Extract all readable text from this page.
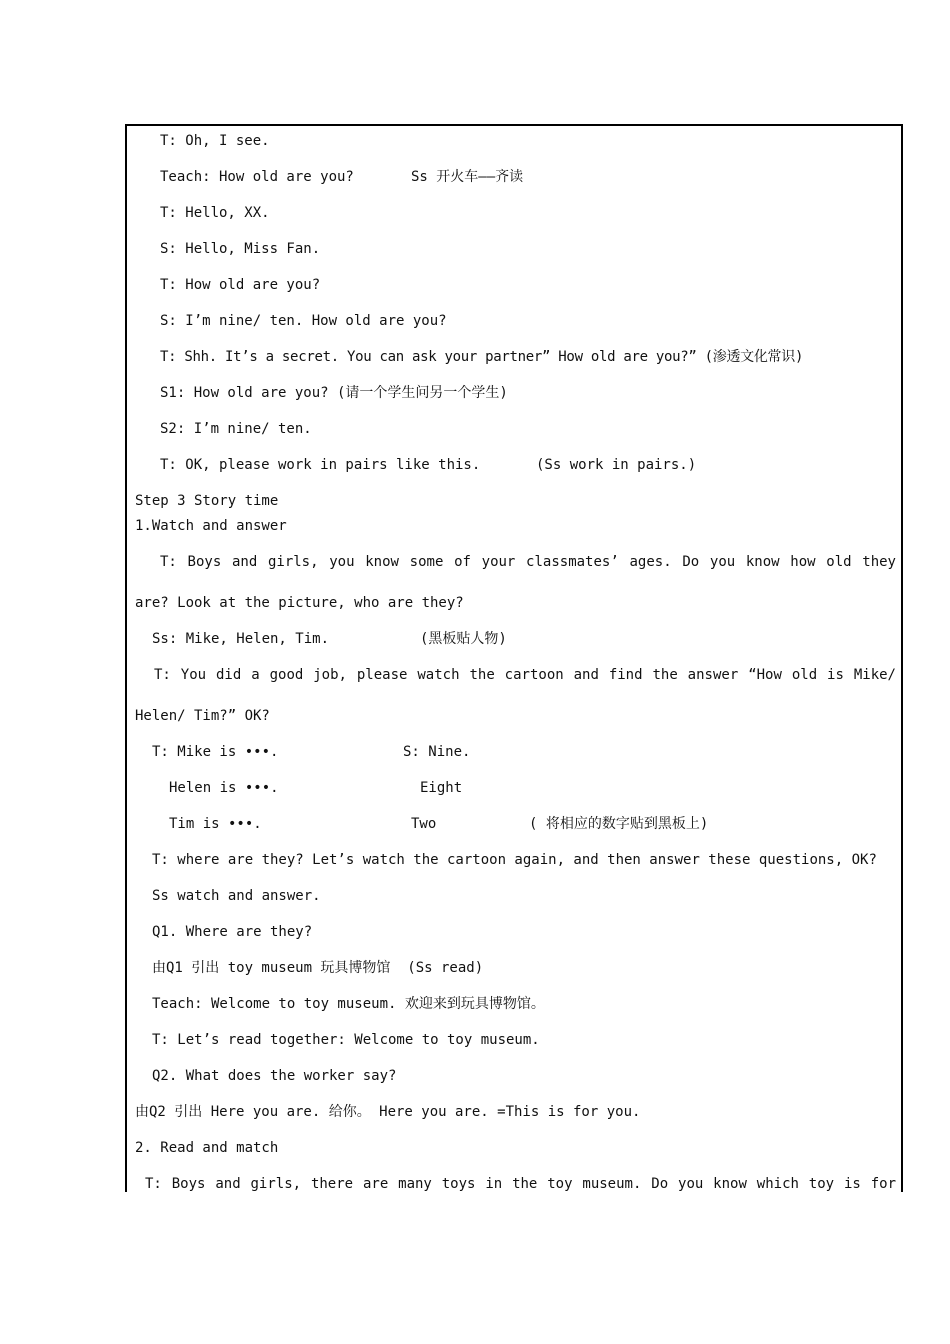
T: Oh, I see.
Teach: How old are you?	Ss 开火车——齐读
T: Hello, XX.
S: Hello, Miss Fan.
T: How old are you?
S: I’m nine/ ten. How old are you?
T: Shh. It’s a secret. You can ask your partner” How old are you?” (渗透文化常识)
S1: How old are you? (请一个学生问另一个学生)
S2: I’m nine/ ten.
T: OK, please work in pairs like this.	(Ss work in pairs.)
Step 3 Story time
1.Watch and answer
T: Boys and girls, you know some of your classmates’ ages. Do you know how old they
are? Look at the picture, who are they?
Ss: Mike, Helen, Tim.	(黑板贴人物)
T: You did a good job, please watch the cartoon and find the answer “How old is Mike/
Helen/ Tim?” OK?
T: Mike is •••.	S: Nine.
Helen is •••.	Eight
Tim is •••.	Two	( 将相应的数字贴到黑板上)
T: where are they? Let’s watch the cartoon again, and then answer these questions, OK?
Ss watch and answer.
Q1. Where are they?
由Q1 引出 toy museum 玩具博物馆  (Ss read)
Teach: Welcome to toy museum. 欢迎来到玩具博物馆。
T: Let’s read together: Welcome to toy museum.
Q2. What does the worker say?
由Q2 引出 Here you are. 给你。 Here you are. =This is for you.
2. Read and match
T: Boys and girls, there are many toys in the toy museum. Do you know which toy is for
